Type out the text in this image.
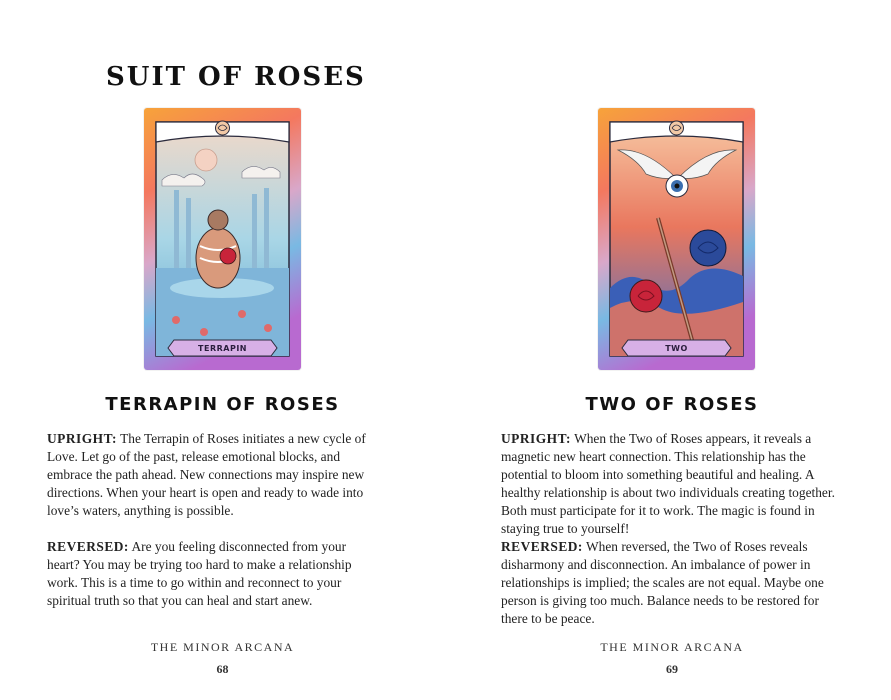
SUIT OF ROSES
TERRAPIN
TERRAPIN OF ROSES

UPRIGHT: The Terrapin of Roses initiates a new cycle of Love. Let go of the past, release emotional blocks, and embrace the path ahead. New connections may inspire new directions. When your heart is open and ready to wade into love’s waters, anything is possible.

REVERSED: Are you feeling disconnected from your heart? You may be trying too hard to make a relationship work. This is a time to go within and reconnect to your spiritual truth so that you can heal and start anew.

THE MINOR ARCANA
68
TWO
TWO OF ROSES

UPRIGHT: When the Two of Roses appears, it reveals a magnetic new heart connection. This relationship has the potential to bloom into something beautiful and healing. A healthy relationship is about two individuals creating together. Both must participate for it to work. The magic is found in staying true to yourself!

REVERSED: When reversed, the Two of Roses reveals disharmony and disconnection. An imbalance of power in relationships is implied; the scales are not equal. Maybe one person is giving too much. Balance needs to be restored for there to be peace.

THE MINOR ARCANA
69
